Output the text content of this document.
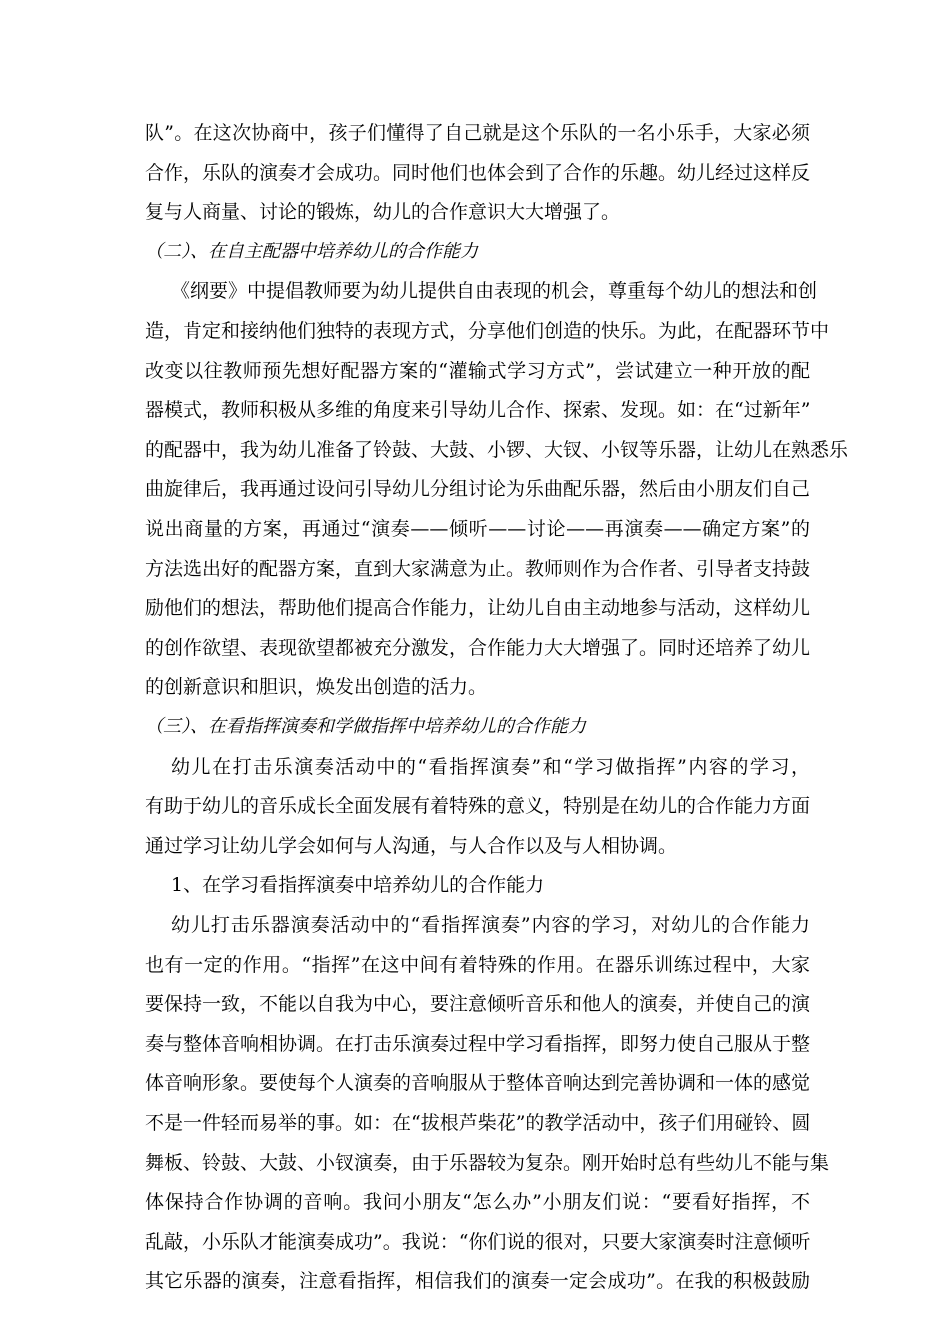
队”。在这次协商中，孩子们懂得了自己就是这个乐队的一名小乐手，大家必须
合作，乐队的演奏才会成功。同时他们也体会到了合作的乐趣。幼儿经过这样反
复与人商量、讨论的锻炼，幼儿的合作意识大大增强了。
（二）、在自主配器中培养幼儿的合作能力
《纲要》中提倡教师要为幼儿提供自由表现的机会，尊重每个幼儿的想法和创
造，肯定和接纳他们独特的表现方式，分享他们创造的快乐。为此，在配器环节中
改变以往教师预先想好配器方案的“灌输式学习方式”，尝试建立一种开放的配
器模式，教师积极从多维的角度来引导幼儿合作、探索、发现。如：在“过新年”
的配器中，我为幼儿准备了铃鼓、大鼓、小锣、大钗、小钗等乐器，让幼儿在熟悉乐
曲旋律后，我再通过设问引导幼儿分组讨论为乐曲配乐器，然后由小朋友们自己
说出商量的方案，再通过“演奏——倾听——讨论——再演奏——确定方案”的
方法选出好的配器方案，直到大家满意为止。教师则作为合作者、引导者支持鼓
励他们的想法，帮助他们提高合作能力，让幼儿自由主动地参与活动，这样幼儿
的创作欲望、表现欲望都被充分激发，合作能力大大增强了。同时还培养了幼儿
的创新意识和胆识，焕发出创造的活力。
（三）、在看指挥演奏和学做指挥中培养幼儿的合作能力
幼儿在打击乐演奏活动中的“看指挥演奏”和“学习做指挥”内容的学习，
有助于幼儿的音乐成长全面发展有着特殊的意义，特别是在幼儿的合作能力方面
通过学习让幼儿学会如何与人沟通，与人合作以及与人相协调。
1、在学习看指挥演奏中培养幼儿的合作能力
幼儿打击乐器演奏活动中的“看指挥演奏”内容的学习，对幼儿的合作能力
也有一定的作用。“指挥”在这中间有着特殊的作用。在器乐训练过程中，大家
要保持一致，不能以自我为中心，要注意倾听音乐和他人的演奏，并使自己的演
奏与整体音响相协调。在打击乐演奏过程中学习看指挥，即努力使自己服从于整
体音响形象。要使每个人演奏的音响服从于整体音响达到完善协调和一体的感觉
不是一件轻而易举的事。如：在“拔根芦柴花”的教学活动中，孩子们用碰铃、圆
舞板、铃鼓、大鼓、小钗演奏，由于乐器较为复杂。刚开始时总有些幼儿不能与集
体保持合作协调的音响。我问小朋友“怎么办”小朋友们说：“要看好指挥，不
乱敲，小乐队才能演奏成功”。我说：“你们说的很对，只要大家演奏时注意倾听
其它乐器的演奏，注意看指挥，相信我们的演奏一定会成功”。在我的积极鼓励
